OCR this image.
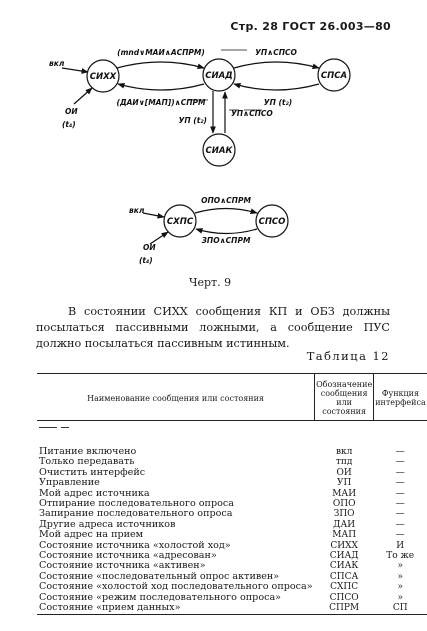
Стр. 28 ГОСТ 26.003—80
СИХХ	СИАД	СПСА
СИАК
СХПС	СПСО
вкл
(mnd∨МАИ∧АСПРМ)
(ДАИ∨[МАП])∧СПРМ
УП∧СПСО
УП (t₂)
ОИ
(t₄)	УП (t₂)
УП∧СПСО
вкл
ОПО∧СПРМ
ЗПО∧СПРМ
ОИ
(t₄)
Черт. 9
В состоянии СИХХ сообщения КП и ОБЗ должны посылаться пассивными ложными, а сообщение ПУС должно посылаться пассивным истинным.
Таблица 12
Наименование сообщения или состояния	Обозначение сообщения или состояния	Функция интерфейса

Питание включено	вкл	—
Только передавать	тпд	—
Очистить интерфейс	ОИ	—
Управление	УП	—
Мой адрес источника	МАИ	—
Отпирание последовательного опроса	ОПО	—
Запирание последовательного опроса	ЗПО	—
Другие адреса источников	ДАИ	—
Мой адрес на прием	МАП	—
Состояние источника «холостой ход»	СИХХ	И
Состояние источника «адресован»	СИАД	То же
Состояние источника «активен»	СИАК	»
Состояние «последовательный опрос активен»	СПСА	»
Состояние «холостой ход последовательного опроса»	СХПС	»
Состояние «режим последовательного опроса»	СПСО	»
Состояние «прием данных»	СПРМ	СП
